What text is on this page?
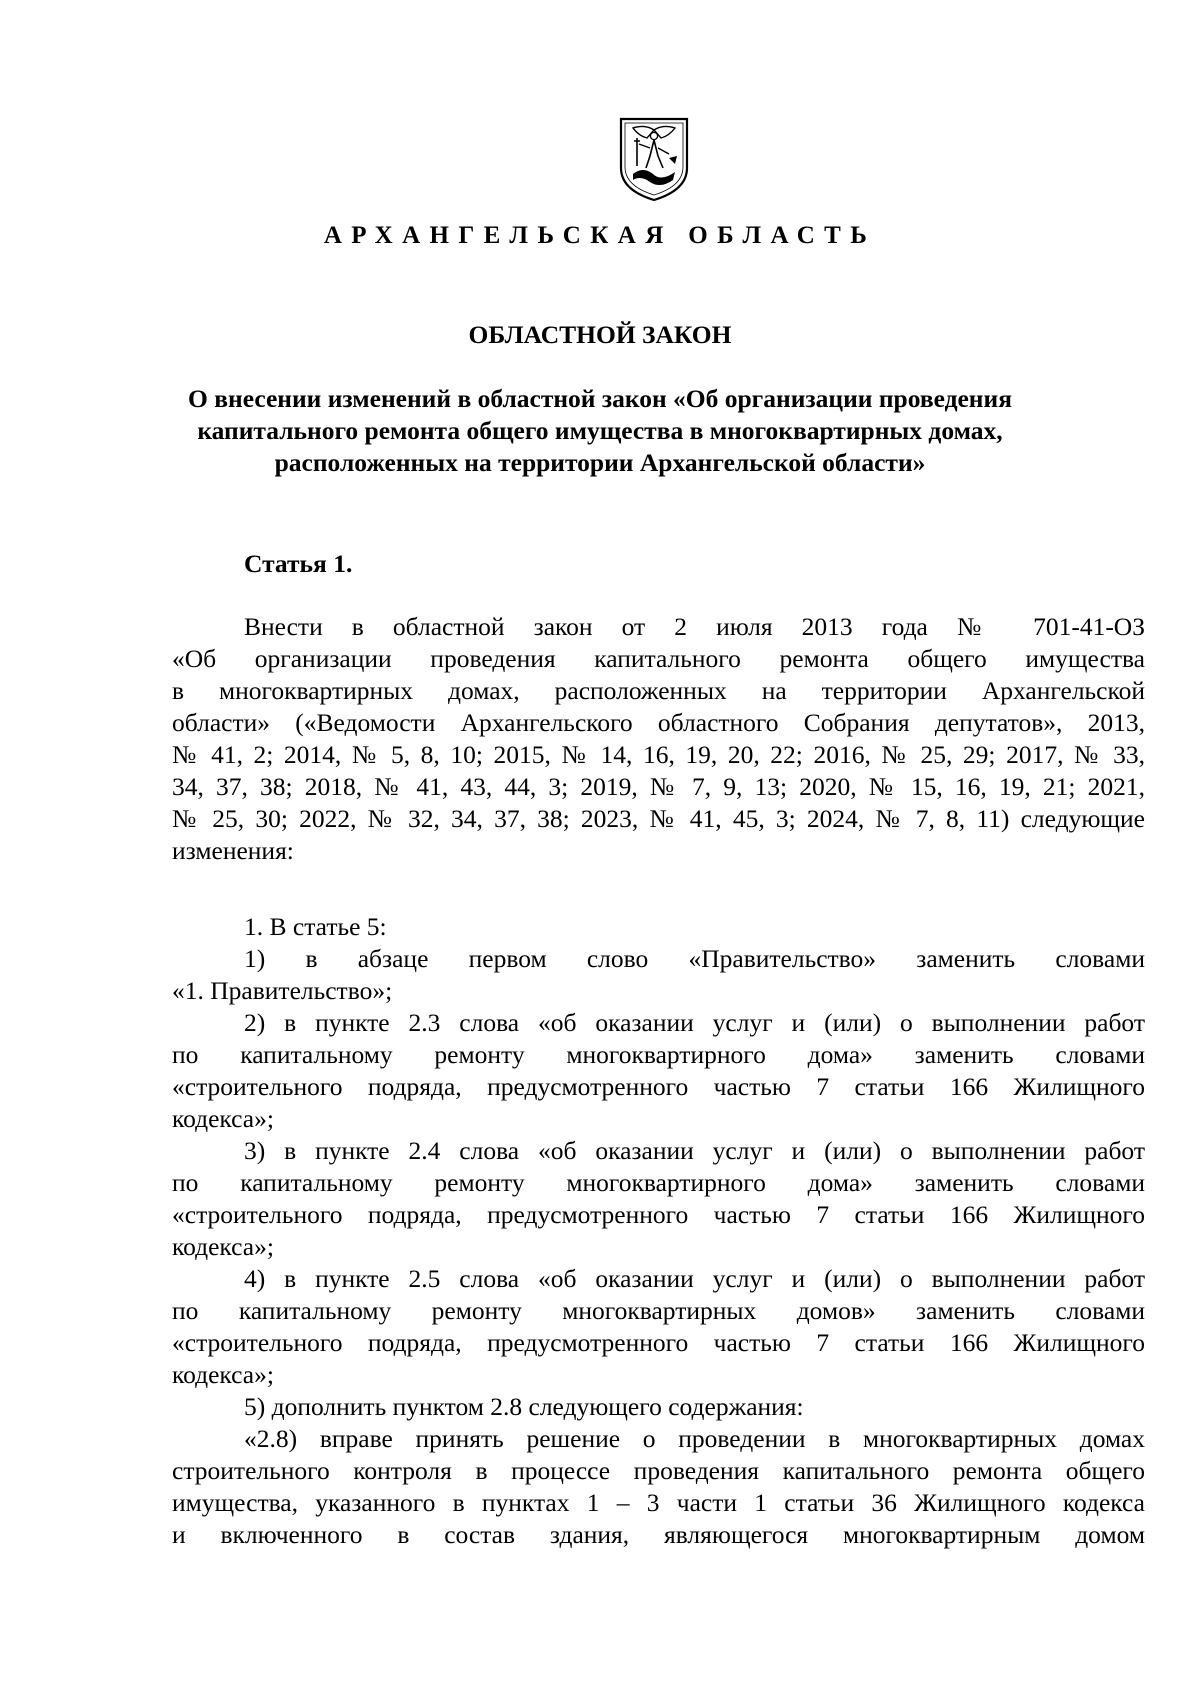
АРХАНГЕЛЬСКАЯ ОБЛАСТЬ
ОБЛАСТНОЙ ЗАКОН
О внесении изменений в областной закон «Об организации проведения
капитального ремонта общего имущества в многоквартирных домах,
расположенных на территории Архангельской области»
Статья 1.
Внести в областной закон от 2 июля 2013 года № 701-41-ОЗ
«Об организации проведения капитального ремонта общего имущества
в многоквартирных домах, расположенных на территории Архангельской
области» («Ведомости Архангельского областного Собрания депутатов», 2013,
№ 41, 2; 2014, № 5, 8, 10; 2015, № 14, 16, 19, 20, 22; 2016, № 25, 29; 2017, № 33,
34, 37, 38; 2018, № 41, 43, 44, 3; 2019, № 7, 9, 13; 2020, № 15, 16, 19, 21; 2021,
№ 25, 30; 2022, № 32, 34, 37, 38; 2023, № 41, 45, 3; 2024, № 7, 8, 11) следующие
изменения:
1. В статье 5:
1) в абзаце первом слово «Правительство» заменить словами
«1. Правительство»;
2) в пункте 2.3 слова «об оказании услуг и (или) о выполнении работ
по капитальному ремонту многоквартирного дома» заменить словами
«строительного подряда, предусмотренного частью 7 статьи 166 Жилищного
кодекса»;
3) в пункте 2.4 слова «об оказании услуг и (или) о выполнении работ
по капитальному ремонту многоквартирного дома» заменить словами
«строительного подряда, предусмотренного частью 7 статьи 166 Жилищного
кодекса»;
4) в пункте 2.5 слова «об оказании услуг и (или) о выполнении работ
по капитальному ремонту многоквартирных домов» заменить словами
«строительного подряда, предусмотренного частью 7 статьи 166 Жилищного
кодекса»;
5) дополнить пунктом 2.8 следующего содержания:
«2.8) вправе принять решение о проведении в многоквартирных домах
строительного контроля в процессе проведения капитального ремонта общего
имущества, указанного в пунктах 1 – 3 части 1 статьи 36 Жилищного кодекса
и включенного в состав здания, являющегося многоквартирным домом
